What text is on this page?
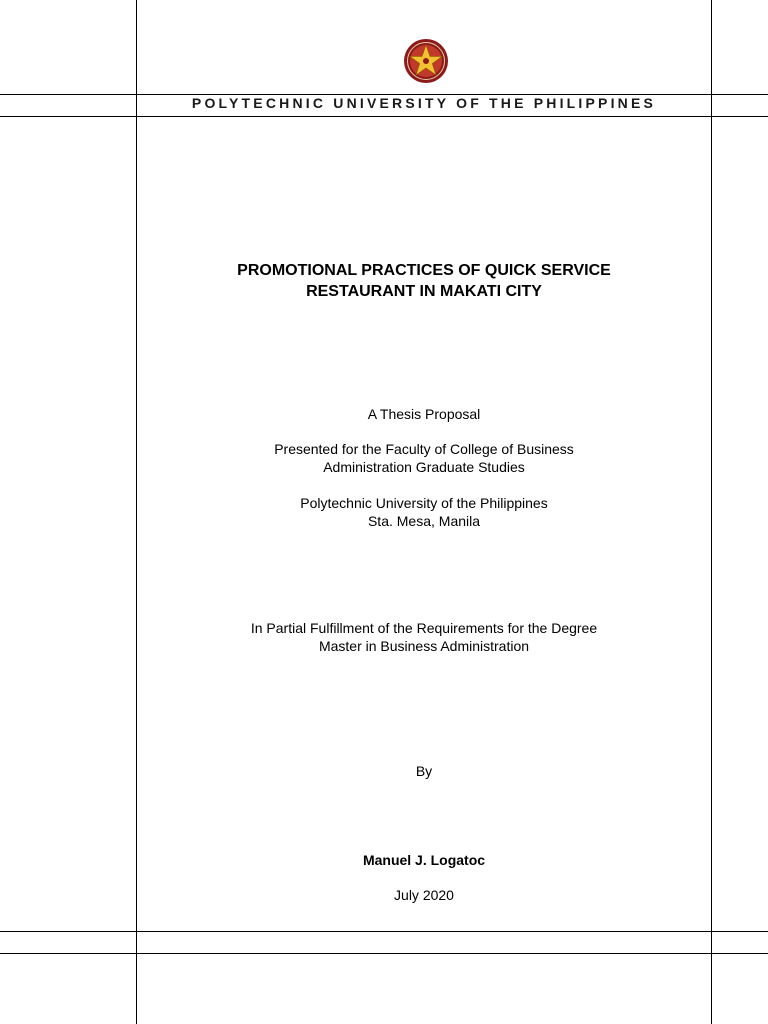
POLYTECHNIC UNIVERSITY OF THE PHILIPPINES
PROMOTIONAL PRACTICES OF QUICK SERVICE
RESTAURANT IN MAKATI CITY
A Thesis Proposal
Presented for the Faculty of College of Business
Administration Graduate Studies
Polytechnic University of the Philippines
Sta. Mesa, Manila
In Partial Fulfillment of the Requirements for the Degree
Master in Business Administration
By
Manuel J. Logatoc
July 2020
